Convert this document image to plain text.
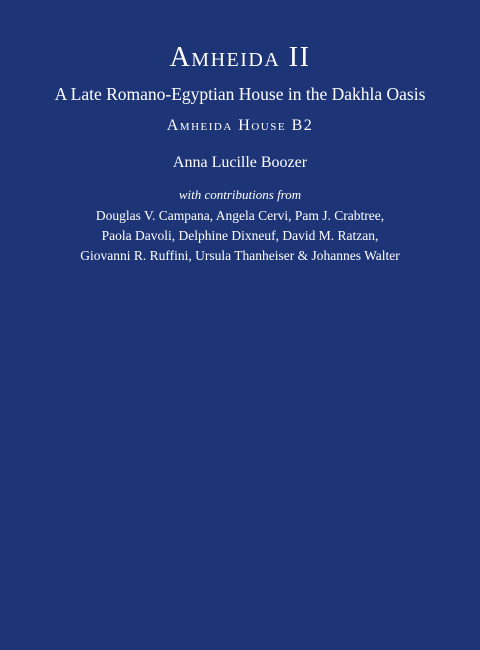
Amheida II
A Late Romano-Egyptian House in the Dakhla Oasis
Amheida House B2
Anna Lucille Boozer
with contributions from
Douglas V. Campana, Angela Cervi, Pam J. Crabtree,
Paola Davoli, Delphine Dixneuf, David M. Ratzan,
Giovanni R. Ruffini, Ursula Thanheiser & Johannes Walter
